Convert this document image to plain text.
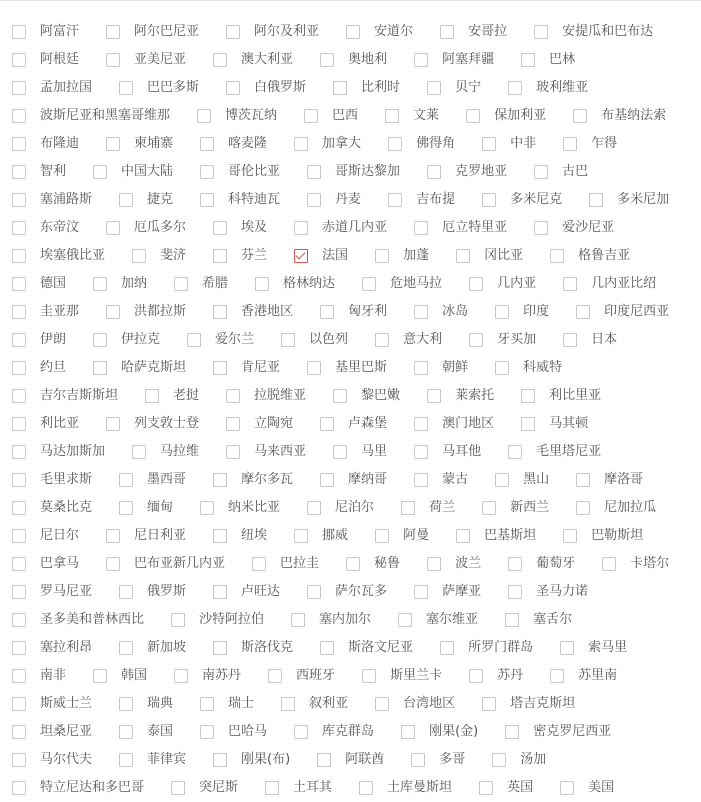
阿富汗	阿尔巴尼亚	阿尔及利亚	安道尔	安哥拉	安提瓜和巴布达
阿根廷	亚美尼亚	澳大利亚	奥地利	阿塞拜疆	巴林
孟加拉国	巴巴多斯	白俄罗斯	比利时	贝宁	玻利维亚
波斯尼亚和黑塞哥维那	博茨瓦纳	巴西	文莱	保加利亚	布基纳法索
布隆迪	柬埔寨	喀麦隆	加拿大	佛得角	中非	乍得
智利	中国大陆	哥伦比亚	哥斯达黎加	克罗地亚	古巴
塞浦路斯	捷克	科特迪瓦	丹麦	吉布提	多米尼克	多米尼加
东帝汶	厄瓜多尔	埃及	赤道几内亚	厄立特里亚	爱沙尼亚
埃塞俄比亚	斐济	芬兰	法国	加蓬	冈比亚	格鲁吉亚
德国	加纳	希腊	格林纳达	危地马拉	几内亚	几内亚比绍
圭亚那	洪都拉斯	香港地区	匈牙利	冰岛	印度	印度尼西亚
伊朗	伊拉克	爱尔兰	以色列	意大利	牙买加	日本
约旦	哈萨克斯坦	肯尼亚	基里巴斯	朝鲜	科威特
吉尔吉斯斯坦	老挝	拉脱维亚	黎巴嫩	莱索托	利比里亚
利比亚	列支敦士登	立陶宛	卢森堡	澳门地区	马其顿
马达加斯加	马拉维	马来西亚	马里	马耳他	毛里塔尼亚
毛里求斯	墨西哥	摩尔多瓦	摩纳哥	蒙古	黑山	摩洛哥
莫桑比克	缅甸	纳米比亚	尼泊尔	荷兰	新西兰	尼加拉瓜
尼日尔	尼日利亚	纽埃	挪威	阿曼	巴基斯坦	巴勒斯坦
巴拿马	巴布亚新几内亚	巴拉圭	秘鲁	波兰	葡萄牙	卡塔尔
罗马尼亚	俄罗斯	卢旺达	萨尔瓦多	萨摩亚	圣马力诺
圣多美和普林西比	沙特阿拉伯	塞内加尔	塞尔维亚	塞舌尔
塞拉利昂	新加坡	斯洛伐克	斯洛文尼亚	所罗门群岛	索马里
南非	韩国	南苏丹	西班牙	斯里兰卡	苏丹	苏里南
斯威士兰	瑞典	瑞士	叙利亚	台湾地区	塔吉克斯坦
坦桑尼亚	泰国	巴哈马	库克群岛	刚果(金)	密克罗尼西亚
马尔代夫	菲律宾	刚果(布)	阿联酋	多哥	汤加
特立尼达和多巴哥	突尼斯	土耳其	土库曼斯坦	英国	美国
